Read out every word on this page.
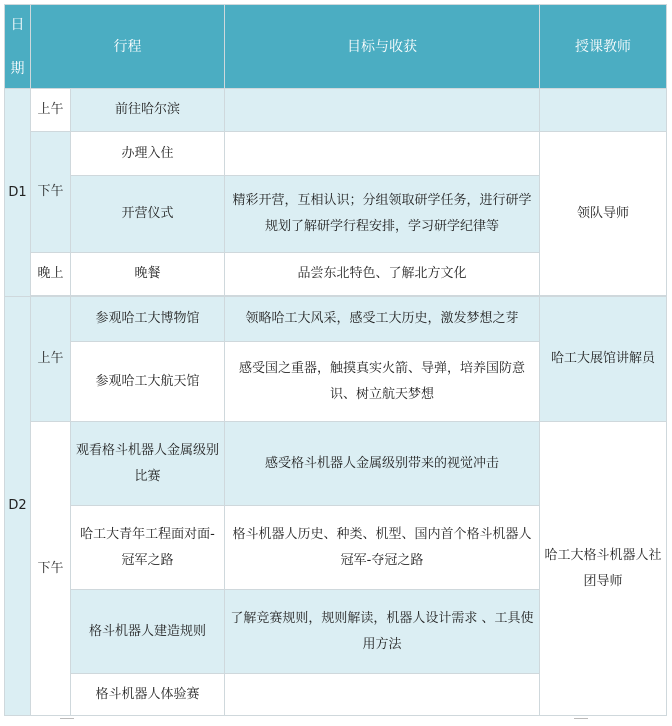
日

期	行程		目标与收获	授课教师
D1	上午	前往哈尔滨		
	下午	办理入住		领队导师
		开营仪式	精彩开营，互相认识；分组领取研学任务，进行研学规划了解研学行程安排，学习研学纪律等	
	晚上	晚餐	品尝东北特色、了解北方文化	

D2	上午	参观哈工大博物馆	领略哈工大风采，感受工大历史，激发梦想之芽	哈工大展馆讲解员
		参观哈工大航天馆	感受国之重器，触摸真实火箭、导弹，培养国防意识、树立航天梦想	
	下午	观看格斗机器人金属级别比赛	感受格斗机器人金属级别带来的视觉冲击	哈工大格斗机器人社团导师
		哈工大青年工程面对面-冠军之路	格斗机器人历史、种类、机型、国内首个格斗机器人冠军-夺冠之路	
		格斗机器人建造规则	了解竞赛规则，规则解读，机器人设计需求 、工具使用方法	
		格斗机器人体验赛		
